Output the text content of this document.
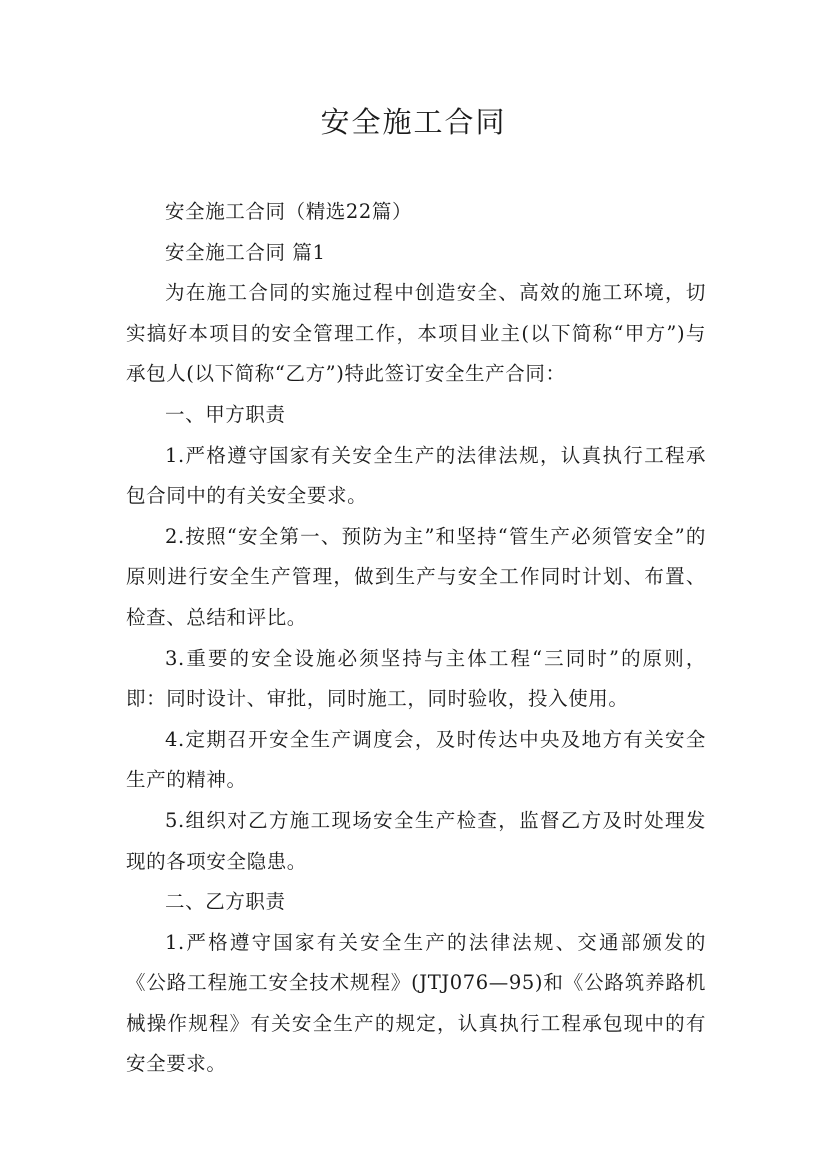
安全施工合同

安全施工合同（精选22篇）

安全施工合同 篇1

为在施工合同的实施过程中创造安全、高效的施工环境，切实搞好本项目的安全管理工作，本项目业主(以下简称“甲方”)与承包人(以下简称“乙方”)特此签订安全生产合同：

一、甲方职责

1.严格遵守国家有关安全生产的法律法规，认真执行工程承包合同中的有关安全要求。

2.按照“安全第一、预防为主”和坚持“管生产必须管安全”的原则进行安全生产管理，做到生产与安全工作同时计划、布置、检查、总结和评比。

3.重要的安全设施必须坚持与主体工程“三同时”的原则，即：同时设计、审批，同时施工，同时验收，投入使用。

4.定期召开安全生产调度会，及时传达中央及地方有关安全生产的精神。

5.组织对乙方施工现场安全生产检查，监督乙方及时处理发现的各项安全隐患。

二、乙方职责

1.严格遵守国家有关安全生产的法律法规、交通部颁发的《公路工程施工安全技术规程》(JTJ076—95)和《公路筑养路机械操作规程》有关安全生产的规定，认真执行工程承包现中的有安全要求。
